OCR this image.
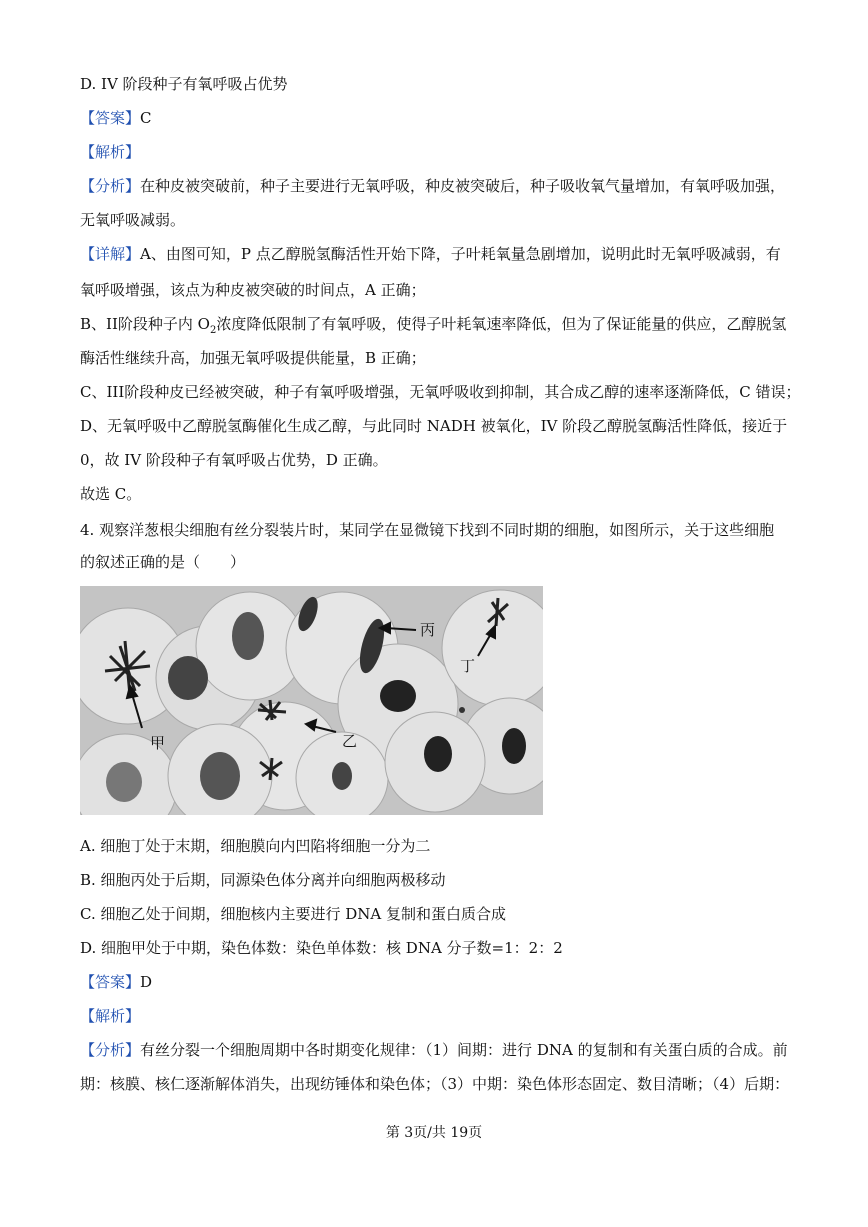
D. IV 阶段种子有氧呼吸占优势
【答案】C
【解析】
【分析】在种皮被突破前，种子主要进行无氧呼吸，种皮被突破后，种子吸收氧气量增加，有氧呼吸加强，
无氧呼吸减弱。
【详解】A、由图可知，P 点乙醇脱氢酶活性开始下降，子叶耗氧量急剧增加，说明此时无氧呼吸减弱，有
氧呼吸增强，该点为种皮被突破的时间点，A 正确；
B、II阶段种子内 $O_2$浓度降低限制了有氧呼吸，使得子叶耗氧速率降低，但为了保证能量的供应，乙醇脱氢
酶活性继续升高，加强无氧呼吸提供能量，B 正确；
C、III阶段种皮已经被突破，种子有氧呼吸增强，无氧呼吸收到抑制，其合成乙醇的速率逐渐降低，C 错误；
D、无氧呼吸中乙醇脱氢酶催化生成乙醇，与此同时 NADH 被氧化，IV 阶段乙醇脱氢酶活性降低，接近于
0，故 IV 阶段种子有氧呼吸占优势，D 正确。
故选 C。
4. 观察洋葱根尖细胞有丝分裂装片时，某同学在显微镜下找到不同时期的细胞，如图所示，关于这些细胞
的叙述正确的是（　　）
丙
乙
丁
甲
A. 细胞丁处于末期，细胞膜向内凹陷将细胞一分为二
B. 细胞丙处于后期，同源染色体分离并向细胞两极移动
C. 细胞乙处于间期，细胞核内主要进行 DNA 复制和蛋白质合成
D. 细胞甲处于中期，染色体数：染色单体数：核 DNA 分子数=1：2：2
【答案】D
【解析】
【分析】有丝分裂一个细胞周期中各时期变化规律：（1）间期：进行 DNA 的复制和有关蛋白质的合成。前
期：核膜、核仁逐渐解体消失，出现纺锤体和染色体；（3）中期：染色体形态固定、数目清晰；（4）后期：
第 3页/共 19页
